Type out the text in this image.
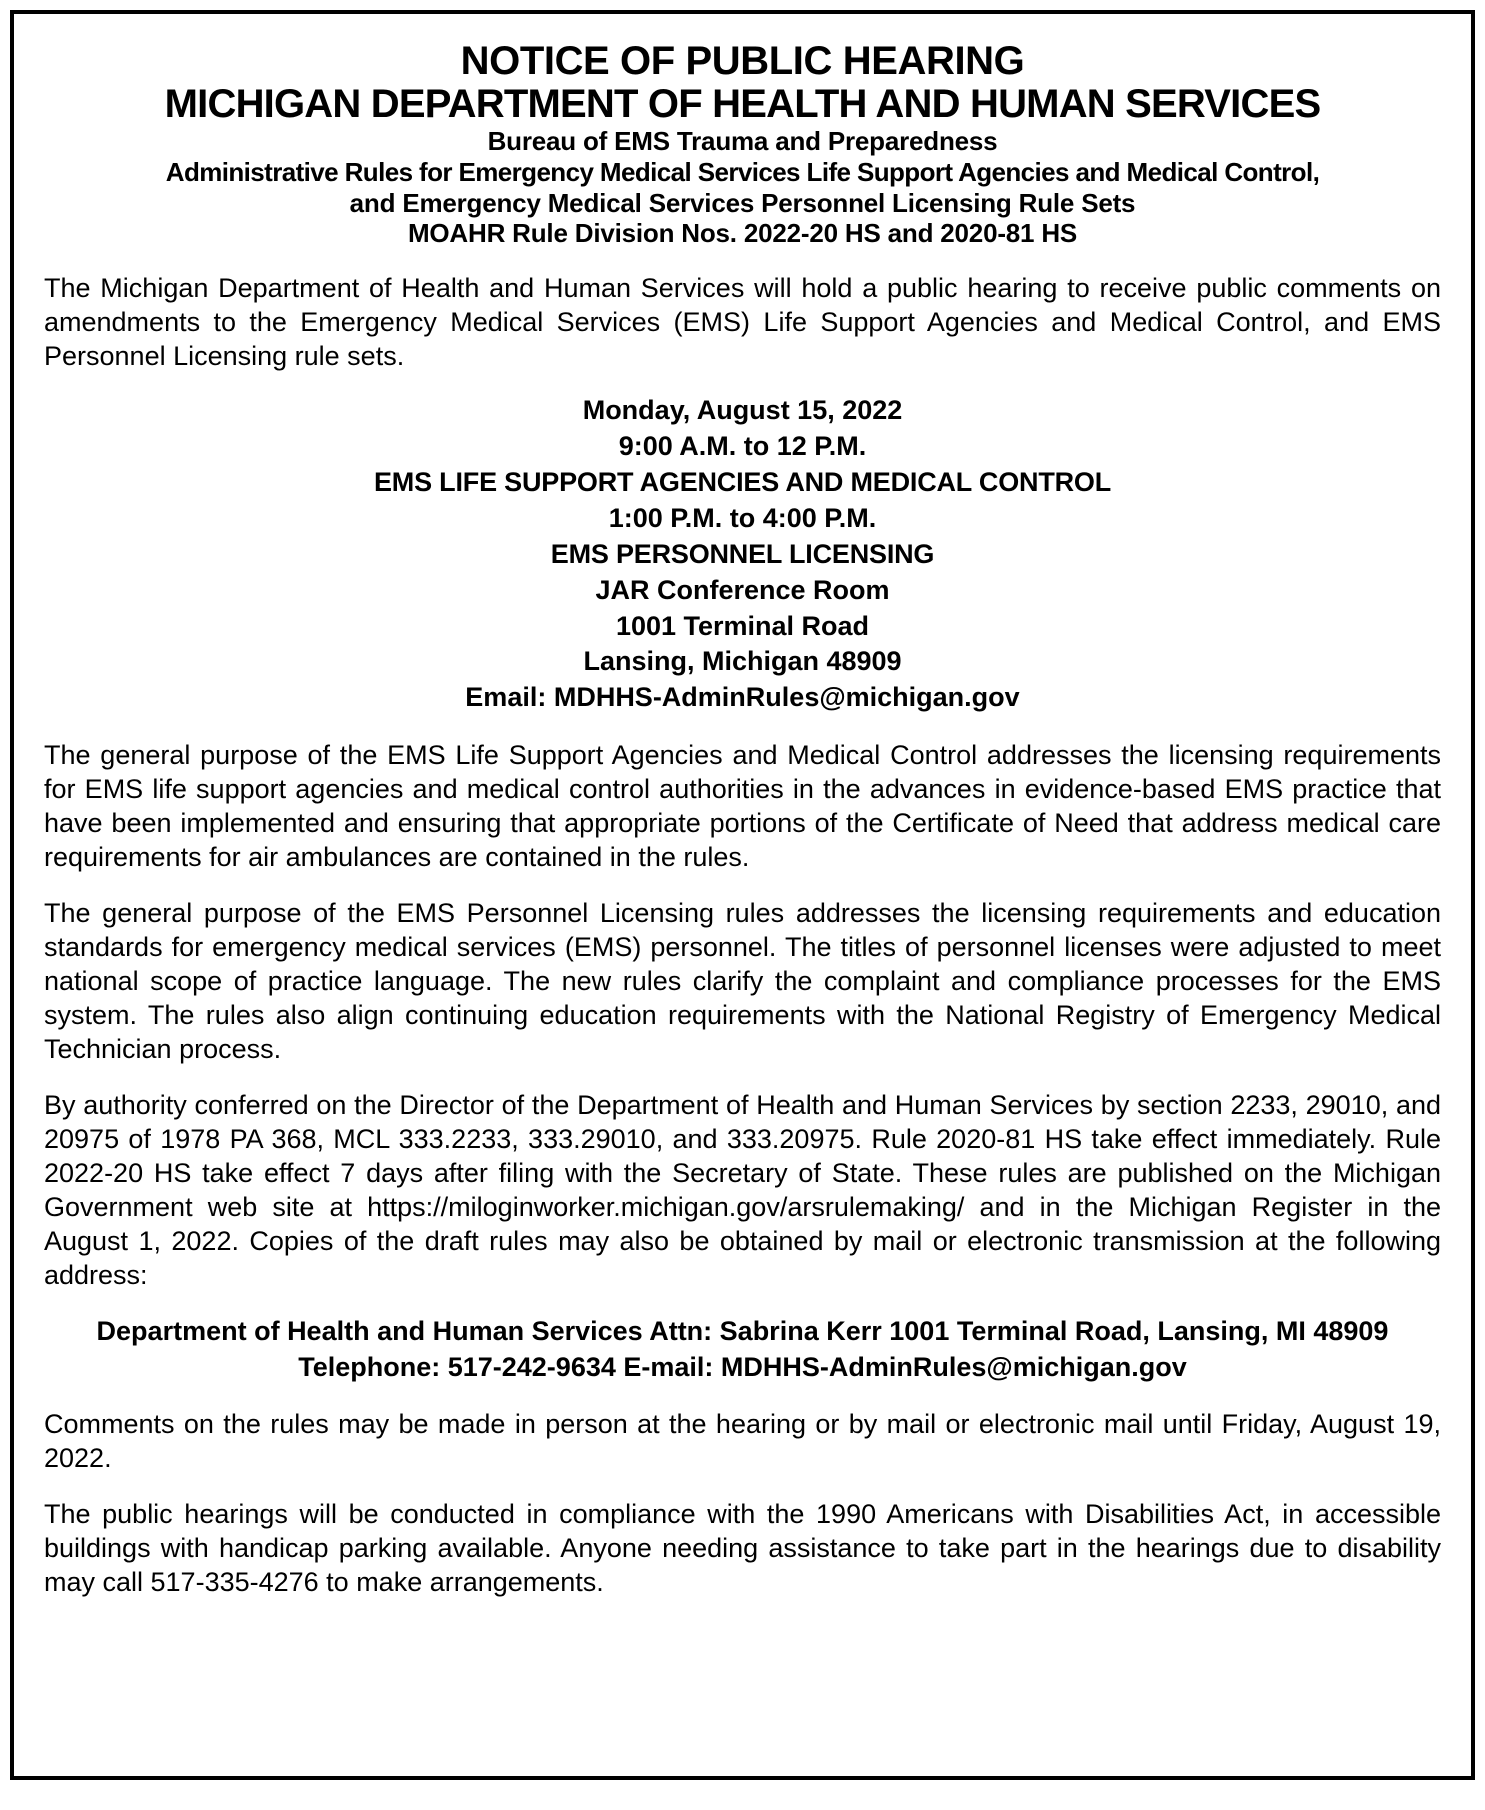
NOTICE OF PUBLIC HEARING
MICHIGAN DEPARTMENT OF HEALTH AND HUMAN SERVICES
Bureau of EMS Trauma and Preparedness
Administrative Rules for Emergency Medical Services Life Support Agencies and Medical Control,
and Emergency Medical Services Personnel Licensing Rule Sets
MOAHR Rule Division Nos. 2022-20 HS and 2020-81 HS
The Michigan Department of Health and Human Services will hold a public hearing to receive public comments on amendments to the Emergency Medical Services (EMS) Life Support Agencies and Medical Control, and EMS Personnel Licensing rule sets.
Monday, August 15, 2022
9:00 A.M. to 12 P.M.
EMS LIFE SUPPORT AGENCIES AND MEDICAL CONTROL
1:00 P.M. to 4:00 P.M.
EMS PERSONNEL LICENSING
JAR Conference Room
1001 Terminal Road
Lansing, Michigan 48909
Email: MDHHS-AdminRules@michigan.gov
The general purpose of the EMS Life Support Agencies and Medical Control addresses the licensing requirements for EMS life support agencies and medical control authorities in the advances in evidence-based EMS practice that have been implemented and ensuring that appropriate portions of the Certificate of Need that address medical care requirements for air ambulances are contained in the rules.
The general purpose of the EMS Personnel Licensing rules addresses the licensing requirements and education standards for emergency medical services (EMS) personnel. The titles of personnel licenses were adjusted to meet national scope of practice language. The new rules clarify the complaint and compliance processes for the EMS system. The rules also align continuing education requirements with the National Registry of Emergency Medical Technician process.
By authority conferred on the Director of the Department of Health and Human Services by section 2233, 29010, and 20975 of 1978 PA 368, MCL 333.2233, 333.29010, and 333.20975. Rule 2020-81 HS take effect immediately. Rule 2022-20 HS take effect 7 days after filing with the Secretary of State. These rules are published on the Michigan Government web site at https://miloginworker.michigan.gov/arsrulemaking/ and in the Michigan Register in the August 1, 2022. Copies of the draft rules may also be obtained by mail or electronic transmission at the following address:
Department of Health and Human Services Attn: Sabrina Kerr 1001 Terminal Road, Lansing, MI 48909 Telephone: 517-242-9634 E-mail: MDHHS-AdminRules@michigan.gov
Comments on the rules may be made in person at the hearing or by mail or electronic mail until Friday, August 19, 2022.
The public hearings will be conducted in compliance with the 1990 Americans with Disabilities Act, in accessible buildings with handicap parking available. Anyone needing assistance to take part in the hearings due to disability may call 517-335-4276 to make arrangements.
